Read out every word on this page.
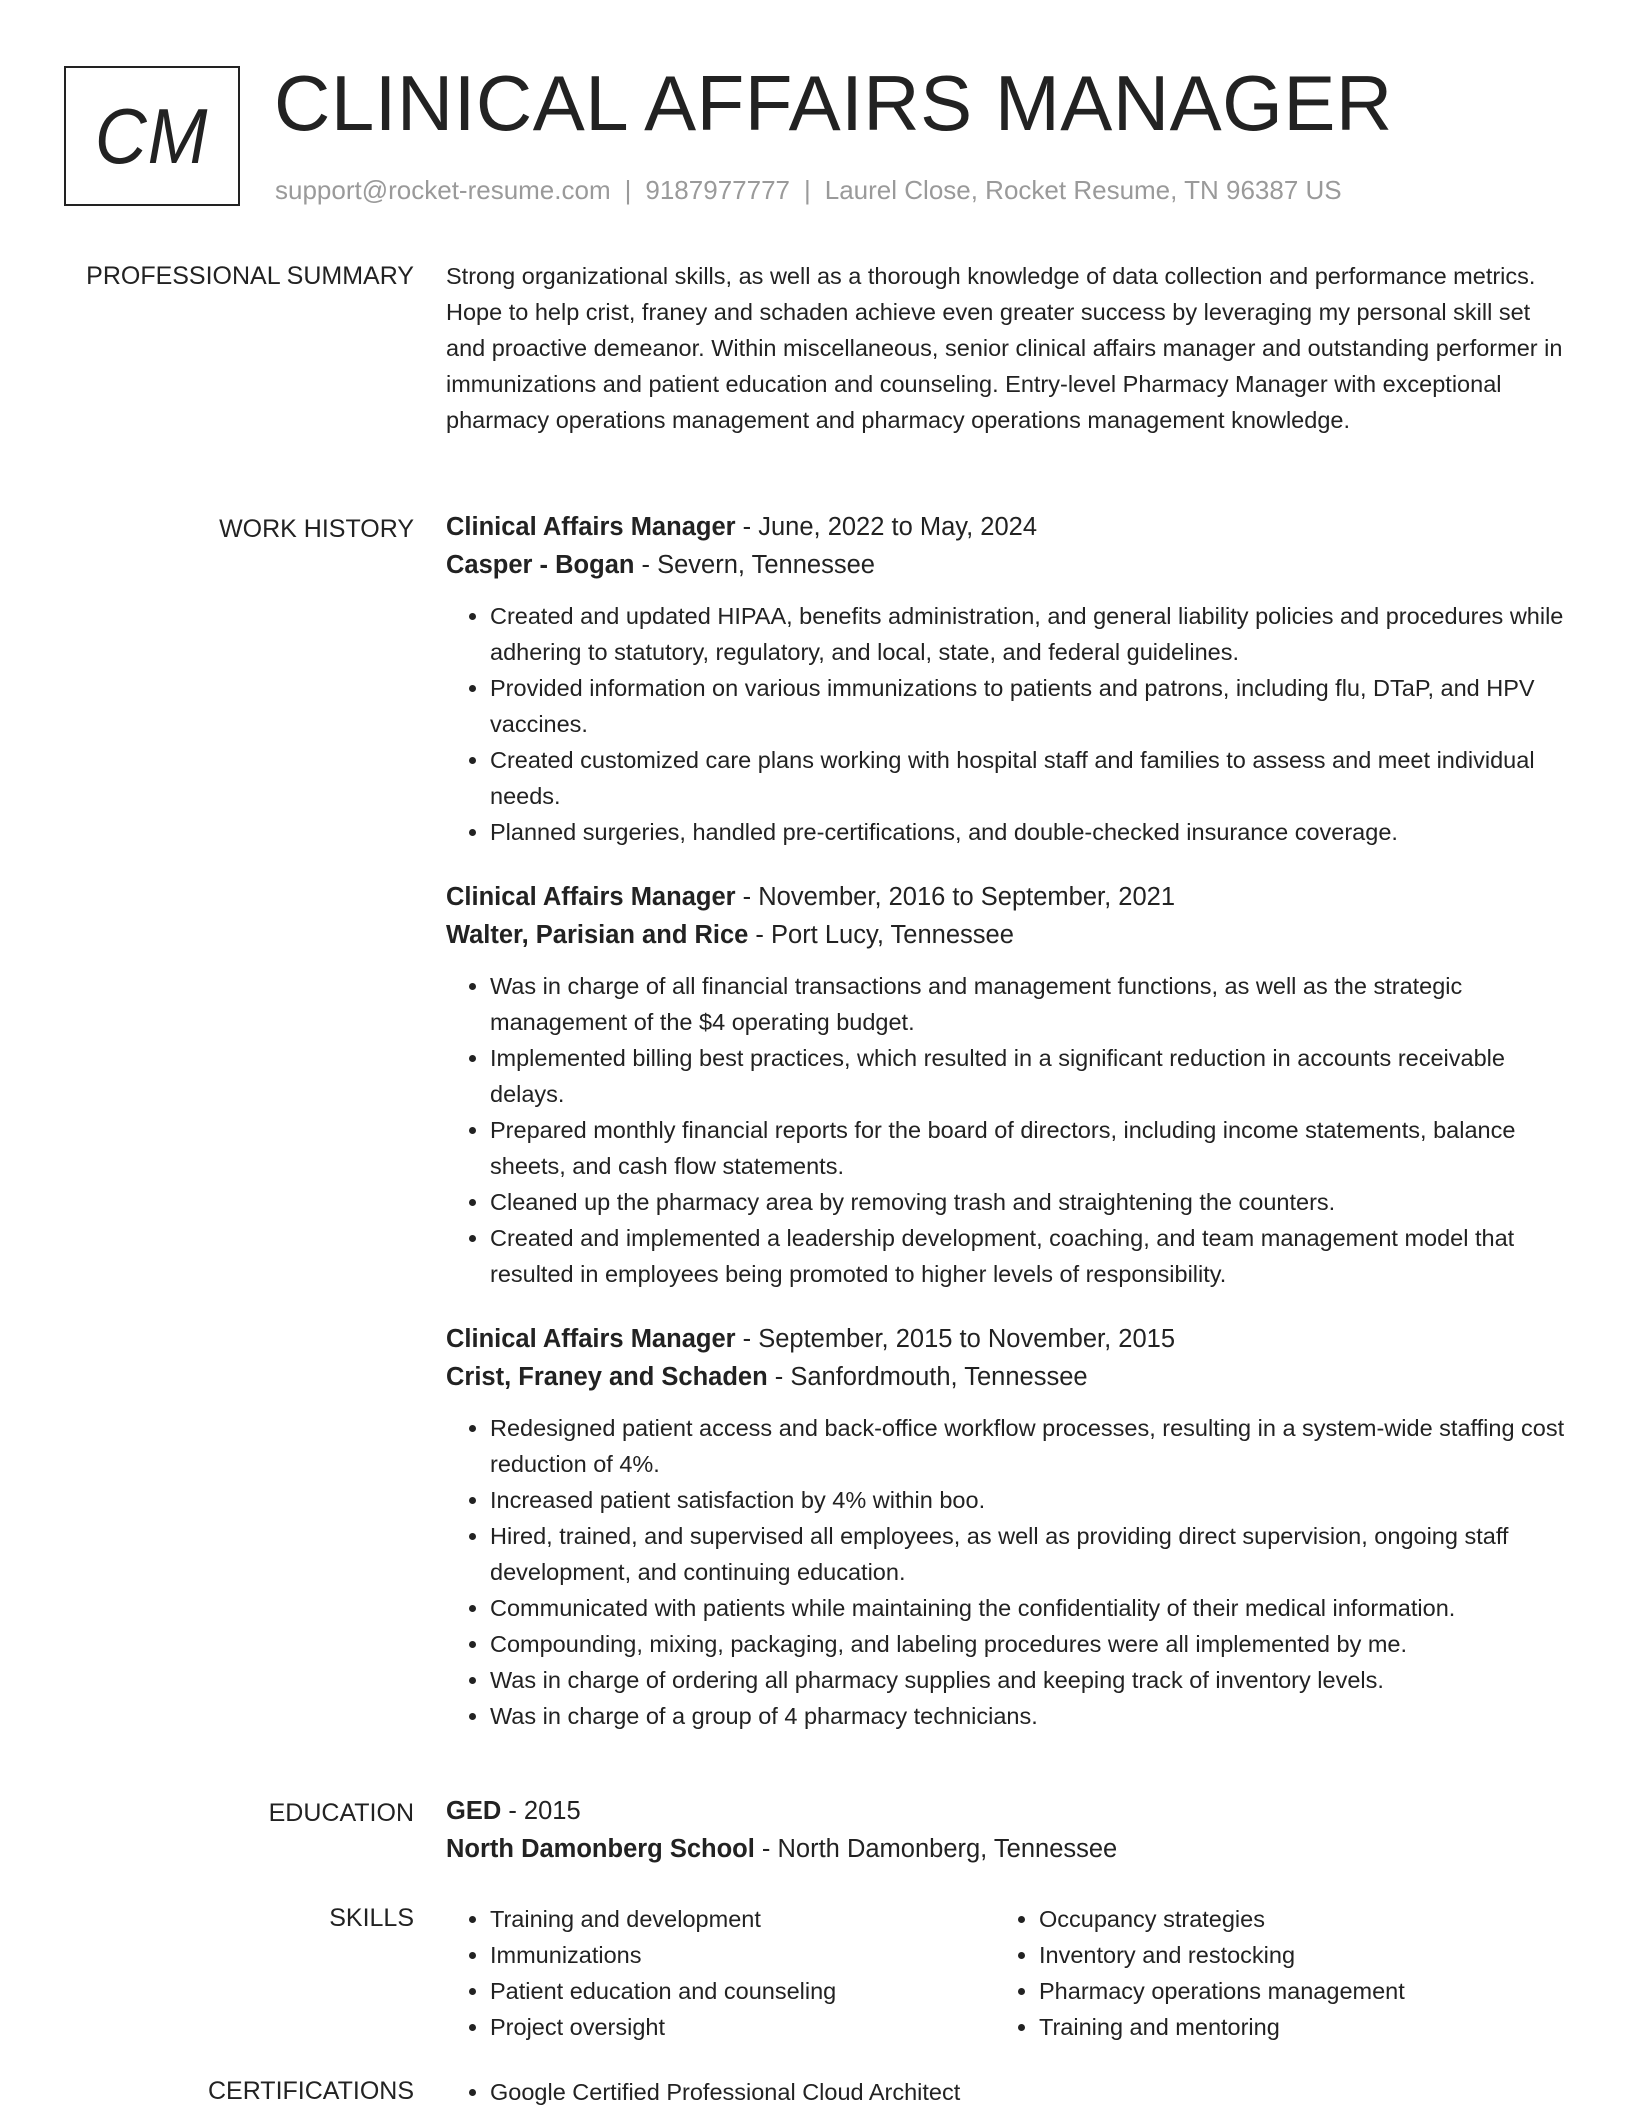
CM CLINICAL AFFAIRS MANAGER
support@rocket-resume.com | 9187977777 | Laurel Close, Rocket Resume, TN 96387 US
PROFESSIONAL SUMMARY Strong organizational skills, as well as a thorough knowledge of data collection and performance metrics. Hope to help crist, franey and schaden achieve even greater success by leveraging my personal skill set and proactive demeanor. Within miscellaneous, senior clinical affairs manager and outstanding performer in immunizations and patient education and counseling. Entry-level Pharmacy Manager with exceptional pharmacy operations management and pharmacy operations management knowledge.

WORK HISTORY Clinical Affairs Manager - June, 2022 to May, 2024
Casper - Bogan - Severn, Tennessee
• Created and updated HIPAA, benefits administration, and general liability policies and procedures while adhering to statutory, regulatory, and local, state, and federal guidelines.
• Provided information on various immunizations to patients and patrons, including flu, DTaP, and HPV vaccines.
• Created customized care plans working with hospital staff and families to assess and meet individual needs.
• Planned surgeries, handled pre-certifications, and double-checked insurance coverage.
Clinical Affairs Manager - November, 2016 to September, 2021
Walter, Parisian and Rice - Port Lucy, Tennessee
• Was in charge of all financial transactions and management functions, as well as the strategic management of the $4 operating budget.
• Implemented billing best practices, which resulted in a significant reduction in accounts receivable delays.
• Prepared monthly financial reports for the board of directors, including income statements, balance sheets, and cash flow statements.
• Cleaned up the pharmacy area by removing trash and straightening the counters.
• Created and implemented a leadership development, coaching, and team management model that resulted in employees being promoted to higher levels of responsibility.
Clinical Affairs Manager - September, 2015 to November, 2015
Crist, Franey and Schaden - Sanfordmouth, Tennessee
• Redesigned patient access and back-office workflow processes, resulting in a system-wide staffing cost reduction of 4%.
• Increased patient satisfaction by 4% within boo.
• Hired, trained, and supervised all employees, as well as providing direct supervision, ongoing staff development, and continuing education.
• Communicated with patients while maintaining the confidentiality of their medical information.
• Compounding, mixing, packaging, and labeling procedures were all implemented by me.
• Was in charge of ordering all pharmacy supplies and keeping track of inventory levels.
• Was in charge of a group of 4 pharmacy technicians.
EDUCATION GED - 2015
North Damonberg School - North Damonberg, Tennessee
SKILLS	• Training and development
• Immunizations
• Patient education and counseling
• Project oversight
• Occupancy strategies
• Inventory and restocking
• Pharmacy operations management
• Training and mentoring
CERTIFICATIONS	• Google Certified Professional Cloud Architect
